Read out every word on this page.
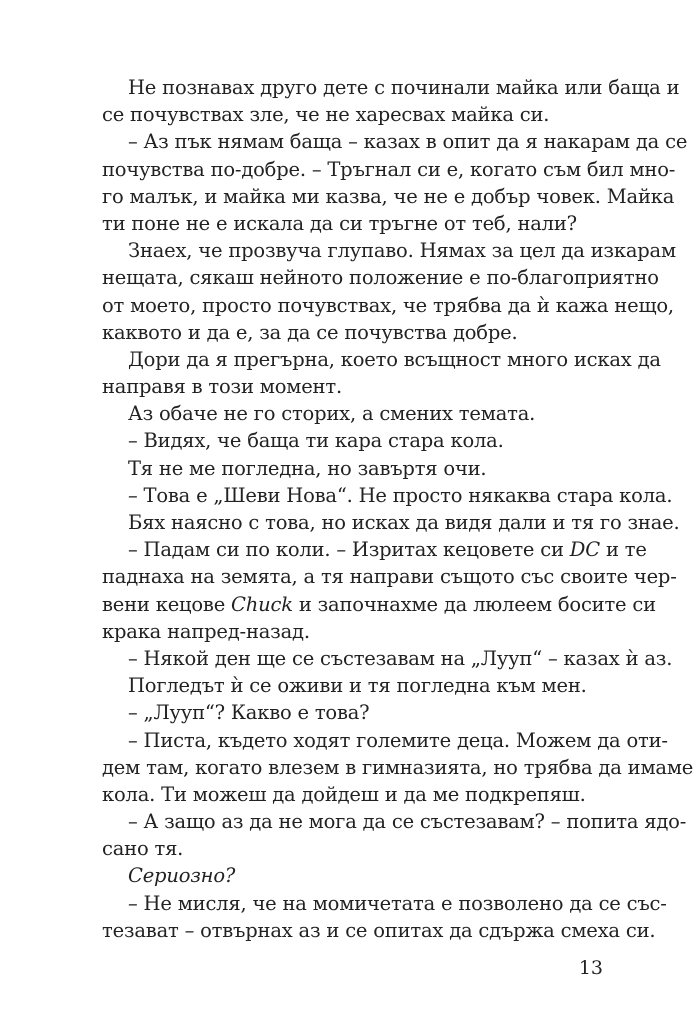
Не познавах друго дете с починали майка или баща и
се почувствах зле, че не харесвах майка си.
– Аз пък нямам баща – казах в опит да я накарам да се
почувства по-добре. – Тръгнал си е, когато съм бил мно-
го малък, и майка ми казва, че не е добър човек. Майка
ти поне не е искала да си тръгне от теб, нали?
Знаех, че прозвуча глупаво. Нямах за цел да изкарам
нещата, сякаш нейното положение е по-благоприятно
от моето, просто почувствах, че трябва да ѝ кажа нещо,
каквото и да е, за да се почувства добре.
Дори да я прегърна, което всъщност много исках да
направя в този момент.
Аз обаче не го сторих, а смених темата.
– Видях, че баща ти кара стара кола.
Тя не ме погледна, но завъртя очи.
– Това е „Шеви Нова“. Не просто някаква стара кола.
Бях наясно с това, но исках да видя дали и тя го знае.
– Падам си по коли. – Изритах кецовете си DC и те
паднаха на земята, а тя направи същото със своите чер-
вени кецове Chuck и започнахме да люлеем босите си
крака напред-назад.
– Някой ден ще се състезавам на „Лууп“ – казах ѝ аз.
Погледът ѝ се оживи и тя погледна към мен.
– „Лууп“? Какво е това?
– Писта, където ходят големите деца. Можем да оти-
дем там, когато влезем в гимназията, но трябва да имаме
кола. Ти можеш да дойдеш и да ме подкрепяш.
– А защо аз да не мога да се състезавам? – попита ядо-
сано тя.
Сериозно?
– Не мисля, че на момичетата е позволено да се със-
тезават – отвърнах аз и се опитах да сдържа смеха си.
13
